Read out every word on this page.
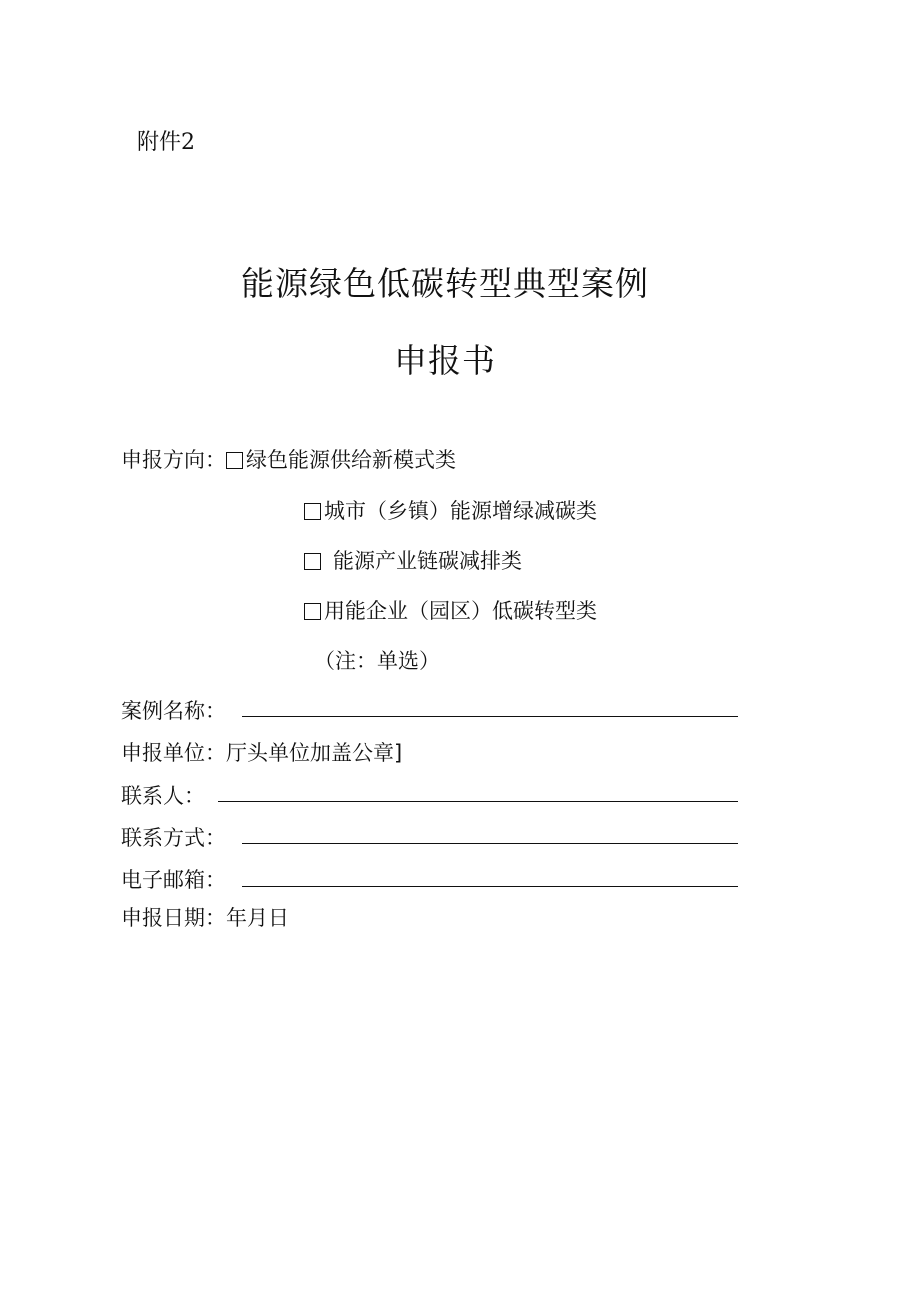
附件2
能源绿色低碳转型典型案例
申报书
申报方向： 绿色能源供给新模式类
城市（乡镇）能源增绿减碳类
能源产业链碳减排类
用能企业（园区）低碳转型类
（注：单选）
案例名称：
申报单位：厅头单位加盖公章]
联系人：
联系方式：
电子邮箱：
申报日期：年月日
